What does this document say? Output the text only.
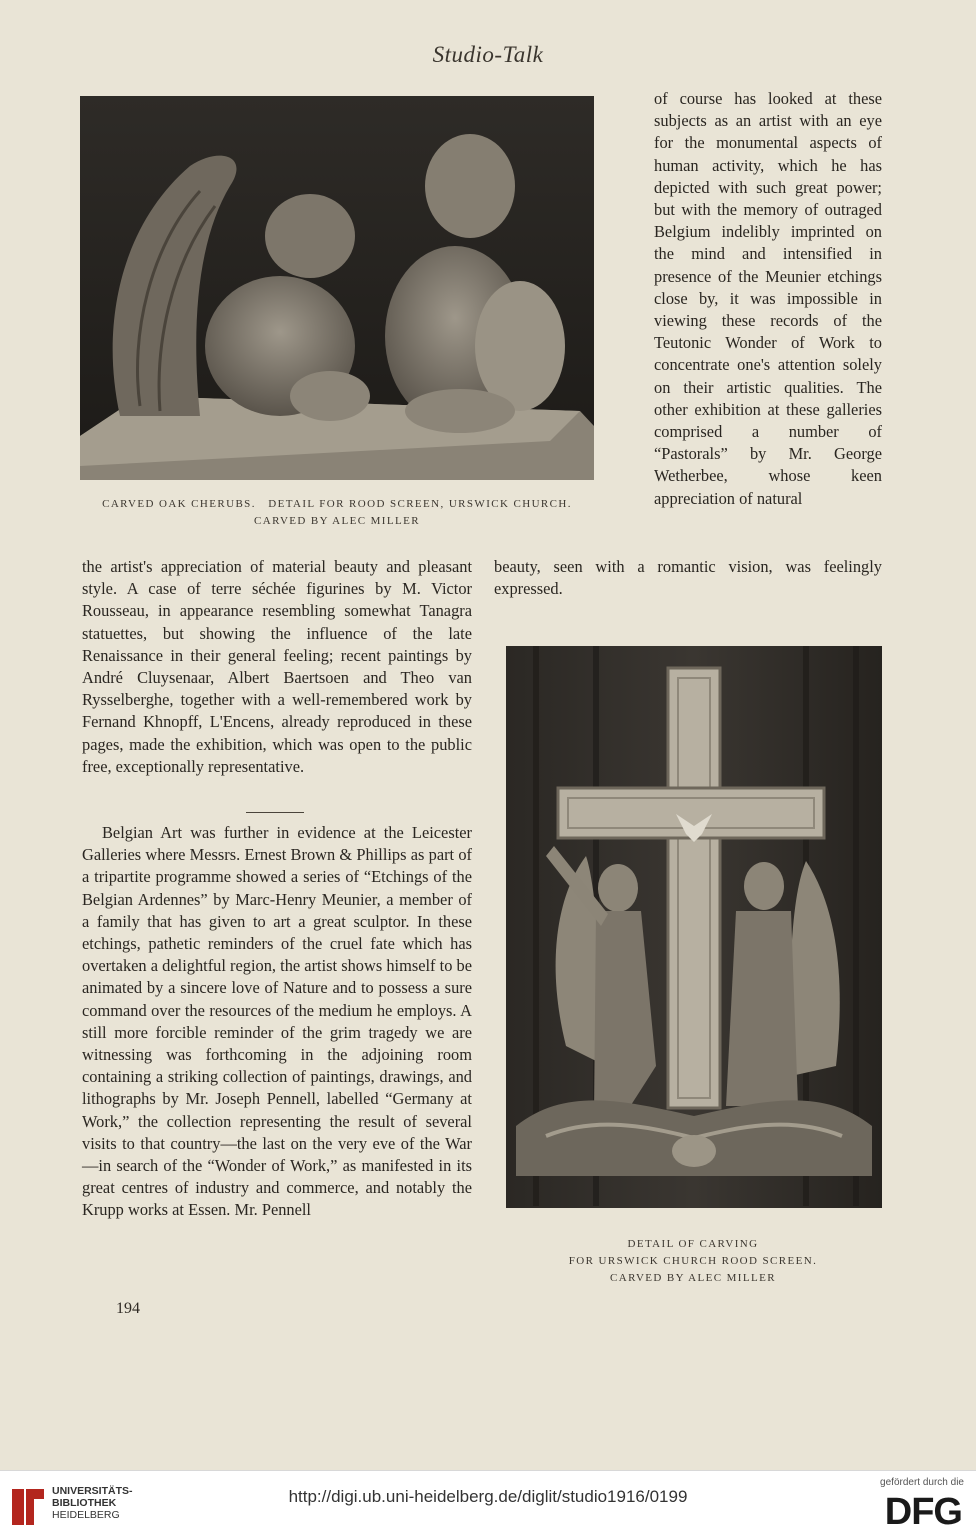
Studio-Talk
CARVED OAK CHERUBS.   DETAIL FOR ROOD SCREEN, URSWICK CHURCH.
CARVED BY ALEC MILLER

of course has looked at these subjects as an artist with an eye for the monumental aspects of human activity, which he has depicted with such great power; but with the memory of outraged Belgium indelibly imprinted on the mind and intensified in presence of the Meunier etchings close by, it was impossible in viewing these records of the Teutonic Wonder of Work to concentrate one's attention solely on their artistic qualities. The other exhibition at these galleries comprised a number of “Pastorals” by Mr. George Wetherbee, whose keen appreciation of natural

beauty, seen with a romantic vision, was feelingly expressed.

the artist's appreciation of material beauty and pleasant style. A case of terre séchée figurines by M. Victor Rousseau, in appearance resembling somewhat Tanagra statuettes, but showing the influence of the late Renaissance in their general feeling; recent paintings by André Cluysenaar, Albert Baertsoen and Theo van Rysselberghe, together with a well-remembered work by Fernand Khnopff, L'Encens, already reproduced in these pages, made the exhibition, which was open to the public free, exceptionally representative.

Belgian Art was further in evidence at the Leicester Galleries where Messrs. Ernest Brown & Phillips as part of a tripartite programme showed a series of “Etchings of the Belgian Ardennes” by Marc-Henry Meunier, a member of a family that has given to art a great sculptor. In these etchings, pathetic reminders of the cruel fate which has overtaken a delightful region, the artist shows himself to be animated by a sincere love of Nature and to possess a sure command over the resources of the medium he employs. A still more forcible reminder of the grim tragedy we are witnessing was forthcoming in the adjoining room containing a striking collection of paintings, drawings, and lithographs by Mr. Joseph Pennell, labelled “Germany at Work,” the collection representing the result of several visits to that country—the last on the very eve of the War—in search of the “Wonder of Work,” as manifested in its great centres of industry and commerce, and notably the Krupp works at Essen. Mr. Pennell

DETAIL OF CARVING
FOR URSWICK CHURCH ROOD SCREEN.
CARVED BY ALEC MILLER
194
UNIVERSITÄTS-
BIBLIOTHEK
HEIDELBERG
http://digi.ub.uni-heidelberg.de/diglit/studio1916/0199
gefördert durch die
DFG
